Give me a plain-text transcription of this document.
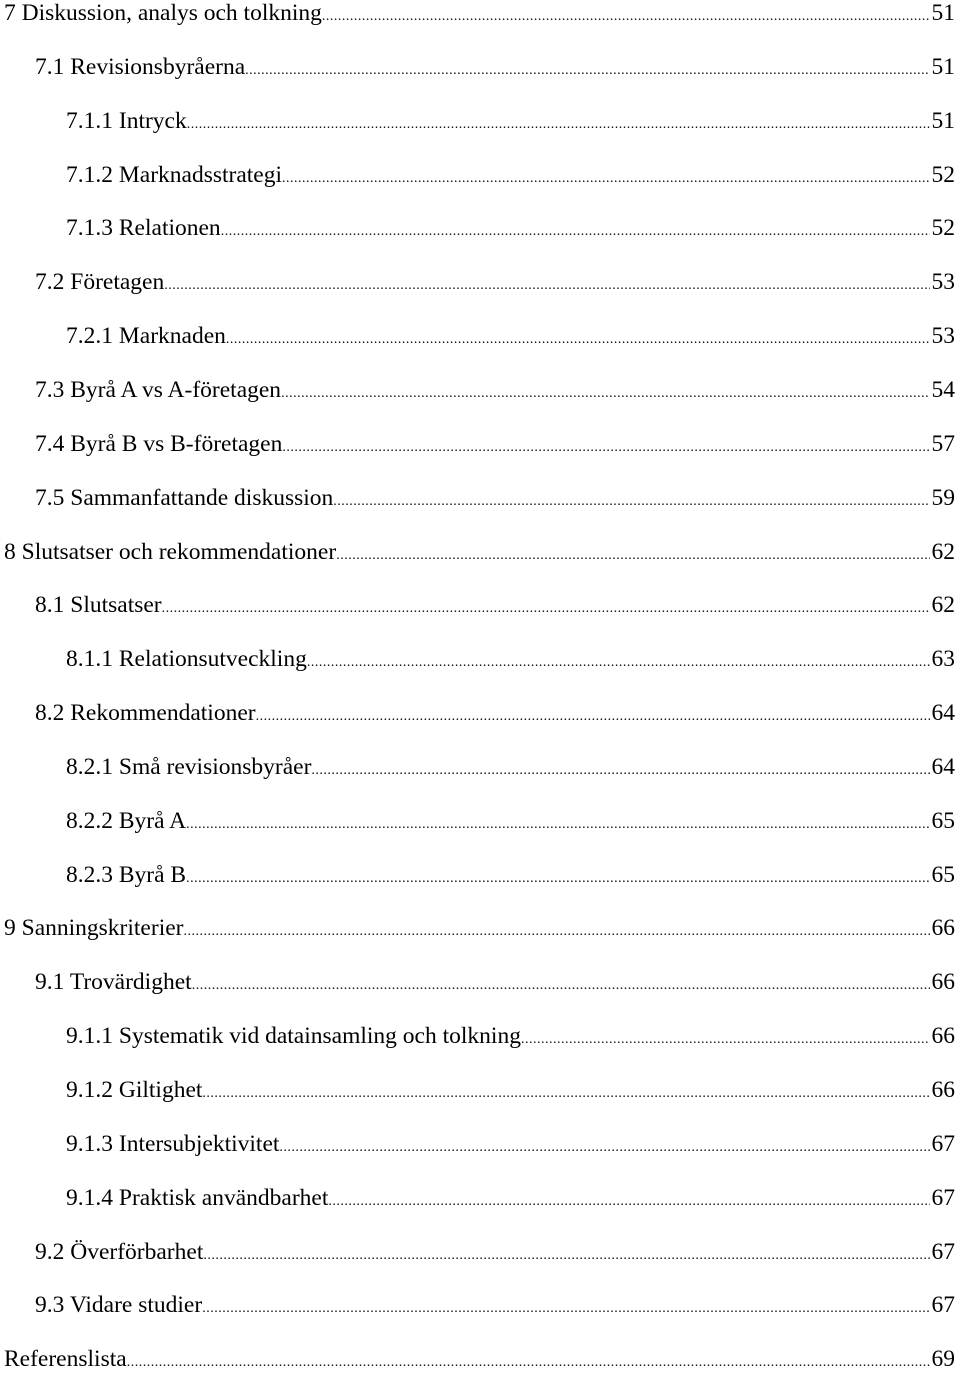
7 Diskussion, analys och tolkning .....	51
7.1 Revisionsbyråerna .....	51
7.1.1 Intryck .....	51
7.1.2 Marknadsstrategi .....	52
7.1.3 Relationen .....	52
7.2 Företagen .....	53
7.2.1 Marknaden .....	53
7.3 Byrå A vs A-företagen .....	54
7.4 Byrå B vs B-företagen .....	57
7.5 Sammanfattande diskussion .....	59
8 Slutsatser och rekommendationer .....	62
8.1 Slutsatser .....	62
8.1.1 Relationsutveckling .....	63
8.2 Rekommendationer .....	64
8.2.1 Små revisionsbyråer .....	64
8.2.2 Byrå A .....	65
8.2.3 Byrå B .....	65
9 Sanningskriterier .....	66
9.1 Trovärdighet .....	66
9.1.1 Systematik vid datainsamling och tolkning .....	66
9.1.2 Giltighet .....	66
9.1.3 Intersubjektivitet .....	67
9.1.4 Praktisk användbarhet .....	67
9.2 Överförbarhet .....	67
9.3 Vidare studier .....	67
Referenslista .....	69
